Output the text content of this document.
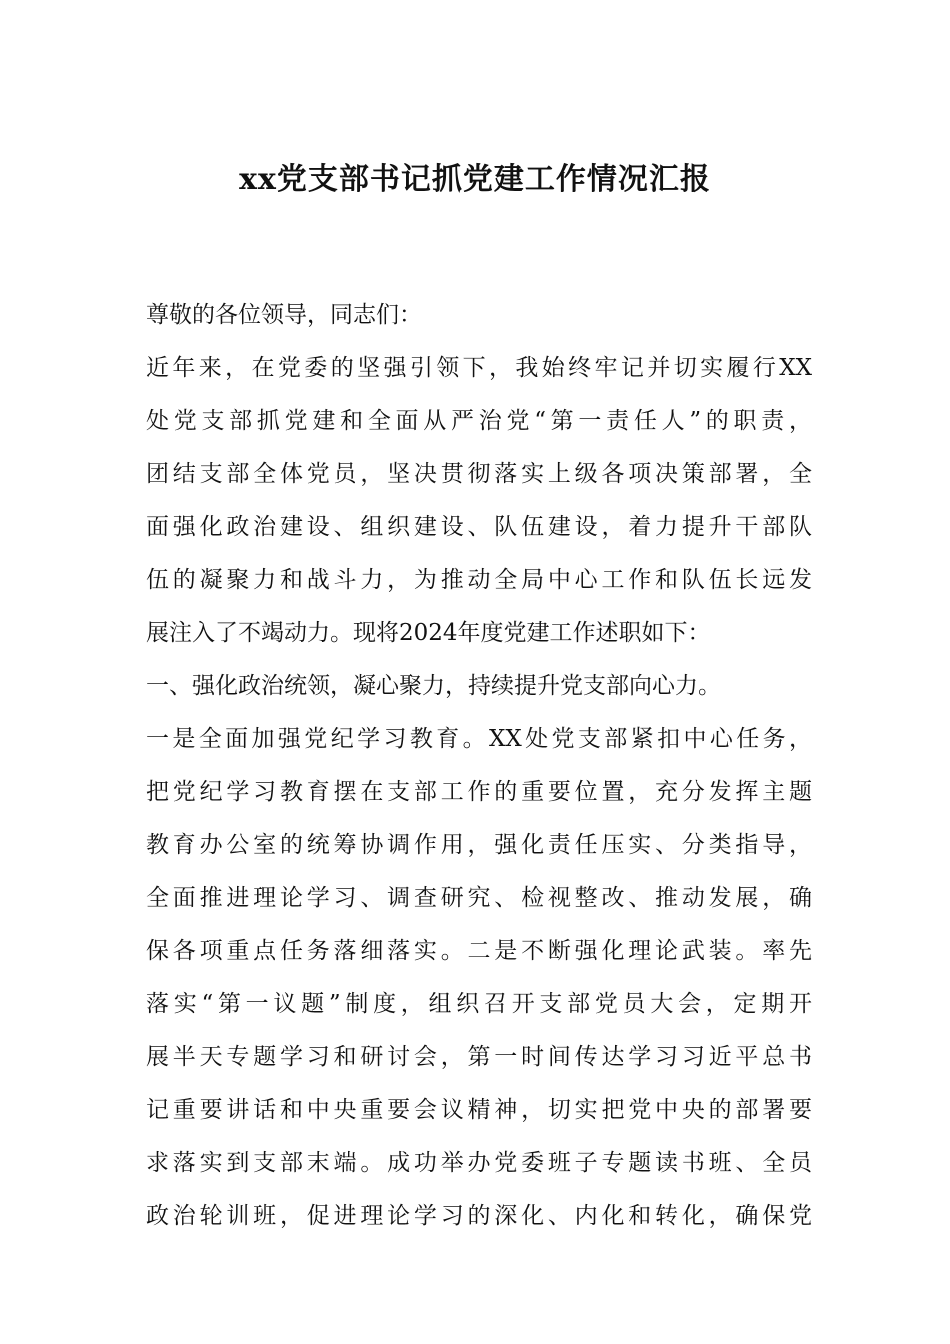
xx党支部书记抓党建工作情况汇报
尊敬的各位领导，同志们：
近年来，在党委的坚强引领下，我始终牢记并切实履行XX
处党支部抓党建和全面从严治党“第一责任人”的职责，
团结支部全体党员，坚决贯彻落实上级各项决策部署，全
面强化政治建设、组织建设、队伍建设，着力提升干部队
伍的凝聚力和战斗力，为推动全局中心工作和队伍长远发
展注入了不竭动力。现将2024年度党建工作述职如下：
一、强化政治统领，凝心聚力，持续提升党支部向心力。
一是全面加强党纪学习教育。XX处党支部紧扣中心任务，
把党纪学习教育摆在支部工作的重要位置，充分发挥主题
教育办公室的统筹协调作用，强化责任压实、分类指导，
全面推进理论学习、调查研究、检视整改、推动发展，确
保各项重点任务落细落实。二是不断强化理论武装。率先
落实“第一议题”制度，组织召开支部党员大会，定期开
展半天专题学习和研讨会，第一时间传达学习习近平总书
记重要讲话和中央重要会议精神，切实把党中央的部署要
求落实到支部末端。成功举办党委班子专题读书班、全员
政治轮训班，促进理论学习的深化、内化和转化，确保党
